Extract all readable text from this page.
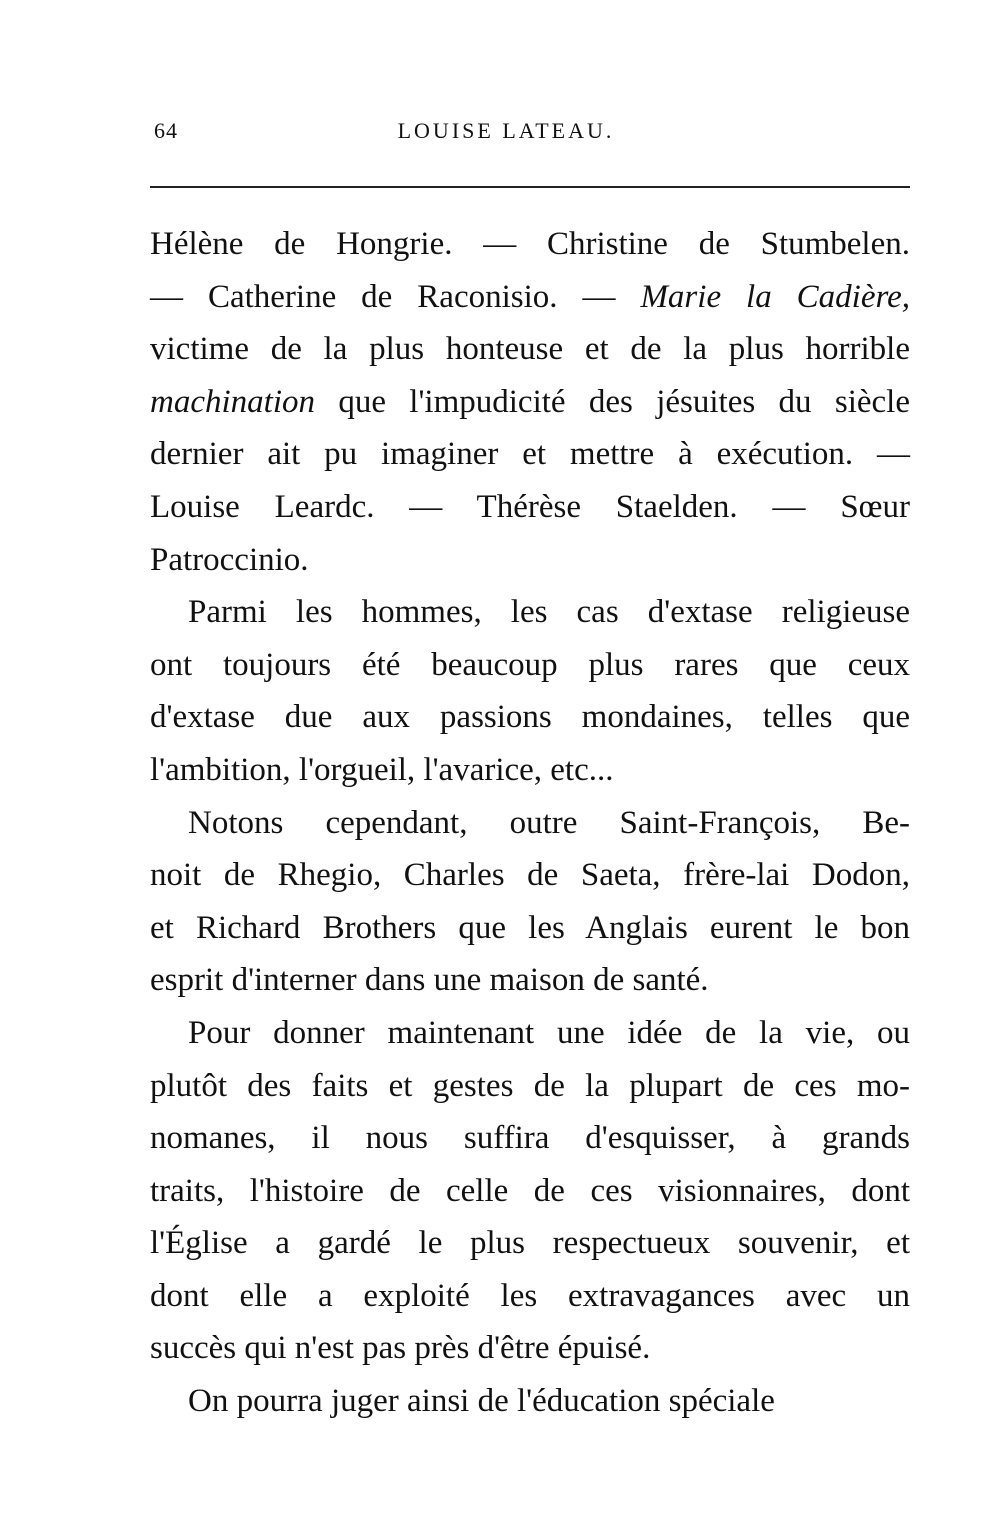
64	LOUISE LATEAU.
Hélène de Hongrie. — Christine de Stumbelen.
— Catherine de Raconisio. — Marie la Cadière,
victime de la plus honteuse et de la plus horrible
machination que l'impudicité des jésuites du siècle
dernier ait pu imaginer et mettre à exécution. —
Louise Leardc. — Thérèse Staelden. — Sœur
Patroccinio.
Parmi les hommes, les cas d'extase religieuse
ont toujours été beaucoup plus rares que ceux
d'extase due aux passions mondaines, telles que
l'ambition, l'orgueil, l'avarice, etc...
Notons cependant, outre Saint-François, Be-
noit de Rhegio, Charles de Saeta, frère-lai Dodon,
et Richard Brothers que les Anglais eurent le bon
esprit d'interner dans une maison de santé.
Pour donner maintenant une idée de la vie, ou
plutôt des faits et gestes de la plupart de ces mo-
nomanes, il nous suffira d'esquisser, à grands
traits, l'histoire de celle de ces visionnaires, dont
l'Église a gardé le plus respectueux souvenir, et
dont elle a exploité les extravagances avec un
succès qui n'est pas près d'être épuisé.
On pourra juger ainsi de l'éducation spéciale
